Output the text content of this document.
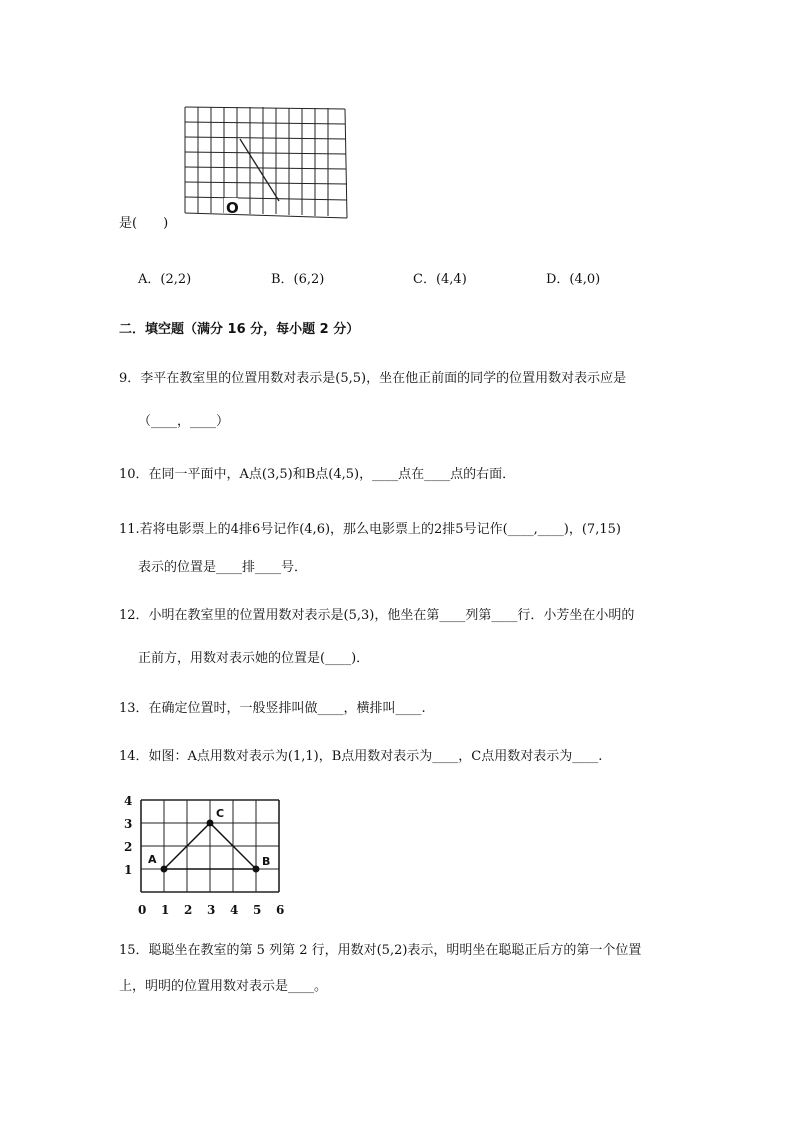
O
是(　　)
A．(2,2)	B．(6,2)	C．(4,4)	D．(4,0)
二．填空题（满分 16 分，每小题 2 分）
9．李平在教室里的位置用数对表示是(5,5)，坐在他正前面的同学的位置用数对表示应是
（____，____）
10．在同一平面中，A点(3,5)和B点(4,5)，____点在____点的右面．
11.若将电影票上的4排6号记作(4,6)，那么电影票上的2排5号记作(____,____)，(7,15)
表示的位置是____排____号．
12．小明在教室里的位置用数对表示是(5,3)，他坐在第____列第____行．小芳坐在小明的
正前方，用数对表示她的位置是(____)．
13．在确定位置时，一般竖排叫做____，横排叫____.
14．如图：A点用数对表示为(1,1)，B点用数对表示为____，C点用数对表示为____.
0 1 2 3 4 5 6
1
2
3
4
A
C
B
15．聪聪坐在教室的第 5 列第 2 行，用数对(5,2)表示，明明坐在聪聪正后方的第一个位置
上，明明的位置用数对表示是____。
